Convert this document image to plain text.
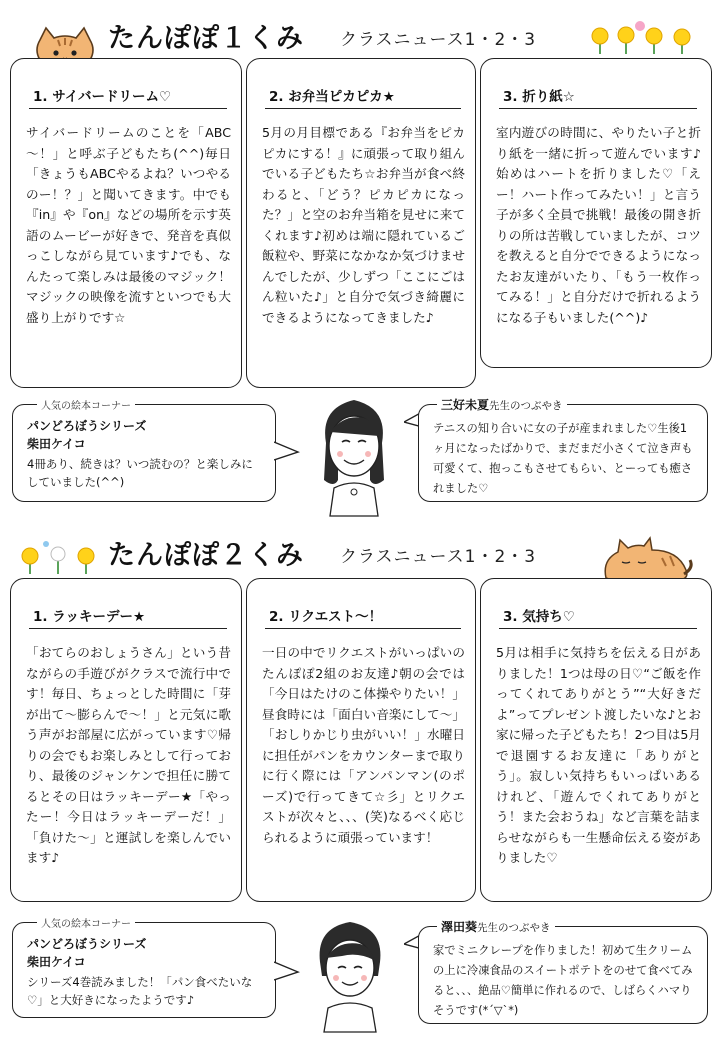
たんぽぽ１くみ クラスニュース1・2・3
1. サイバードリーム♡
サイバードリームのことを「ABC～！」と呼ぶ子どもたち(^^)毎日「きょうもABCやるよね？いつやるのー！？」と聞いてきます。中でも『in』や『on』などの場所を示す英語のムービーが好きで、発音を真似っこしながら見ています♪でも、なんたって楽しみは最後のマジック！マジックの映像を流すといつでも大盛り上がりです☆
2. お弁当ピカピカ★
5月の月目標である『お弁当をピカピカにする！』に頑張って取り組んでいる子どもたち☆お弁当が食べ終わると、「どう？ピカピカになった？」と空のお弁当箱を見せに来てくれます♪初めは端に隠れているご飯粒や、野菜になかなか気づけませんでしたが、少しずつ「ここにごはん粒いた♪」と自分で気づき綺麗にできるようになってきました♪
3. 折り紙☆
室内遊びの時間に、やりたい子と折り紙を一緒に折って遊んでいます♪始めはハートを折りました♡「えー！ハート作ってみたい！」と言う子が多く全員で挑戦！最後の開き折りの所は苦戦していましたが、コツを教えると自分でできるようになったお友達がいたり、「もう一枚作ってみる！」と自分だけで折れるようになる子もいました(^^)♪
人気の絵本コーナー
パンどろぼうシリーズ
柴田ケイコ
4冊あり、続きは？いつ読むの？と楽しみにしていました(^^)
三好未夏先生のつぶやき
テニスの知り合いに女の子が産まれました♡生後1ヶ月になったばかりで、まだまだ小さくて泣き声も可愛くて、抱っこもさせてもらい、とーっても癒されました♡
たんぽぽ２くみ クラスニュース1・2・3
1. ラッキーデー★
「おてらのおしょうさん」という昔ながらの手遊びがクラスで流行中です！毎日、ちょっとした時間に「芽が出て～膨らんで～！」と元気に歌う声がお部屋に広がっています♡帰りの会でもお楽しみとして行っており、最後のジャンケンで担任に勝てるとその日はラッキーデー★「やったー！今日はラッキーデーだ！」「負けた～」と運試しを楽しんでいます♪
2. リクエスト～！
一日の中でリクエストがいっぱいのたんぽぽ2組のお友達♪朝の会では「今日はたけのこ体操やりたい！」昼食時には「面白い音楽にして～」「おしりかじり虫がいい！」水曜日に担任がパンをカウンターまで取りに行く際には「アンパンマン(のポーズ)で行ってきて☆彡」とリクエストが次々と、、、(笑)なるべく応じられるように頑張っています！
3. 気持ち♡
5月は相手に気持ちを伝える日がありました！1つは母の日♡“ご飯を作ってくれてありがとう”“大好きだよ”ってプレゼント渡したいな♪とお家に帰った子どもたち！2つ目は5月で退園するお友達に「ありがとう」。寂しい気持ちもいっぱいあるけれど、「遊んでくれてありがとう！また会おうね」など言葉を詰まらせながらも一生懸命伝える姿がありました♡
人気の絵本コーナー
パンどろぼうシリーズ
柴田ケイコ
シリーズ4巻読みました！「パン食べたいな♡」と大好きになったようです♪
澤田葵先生のつぶやき
家でミニクレープを作りました！初めて生クリームの上に冷凍食品のスイートポテトをのせて食べてみると、、、絶品♡簡単に作れるので、しばらくハマりそうです(*ˊ▽ˋ*)
